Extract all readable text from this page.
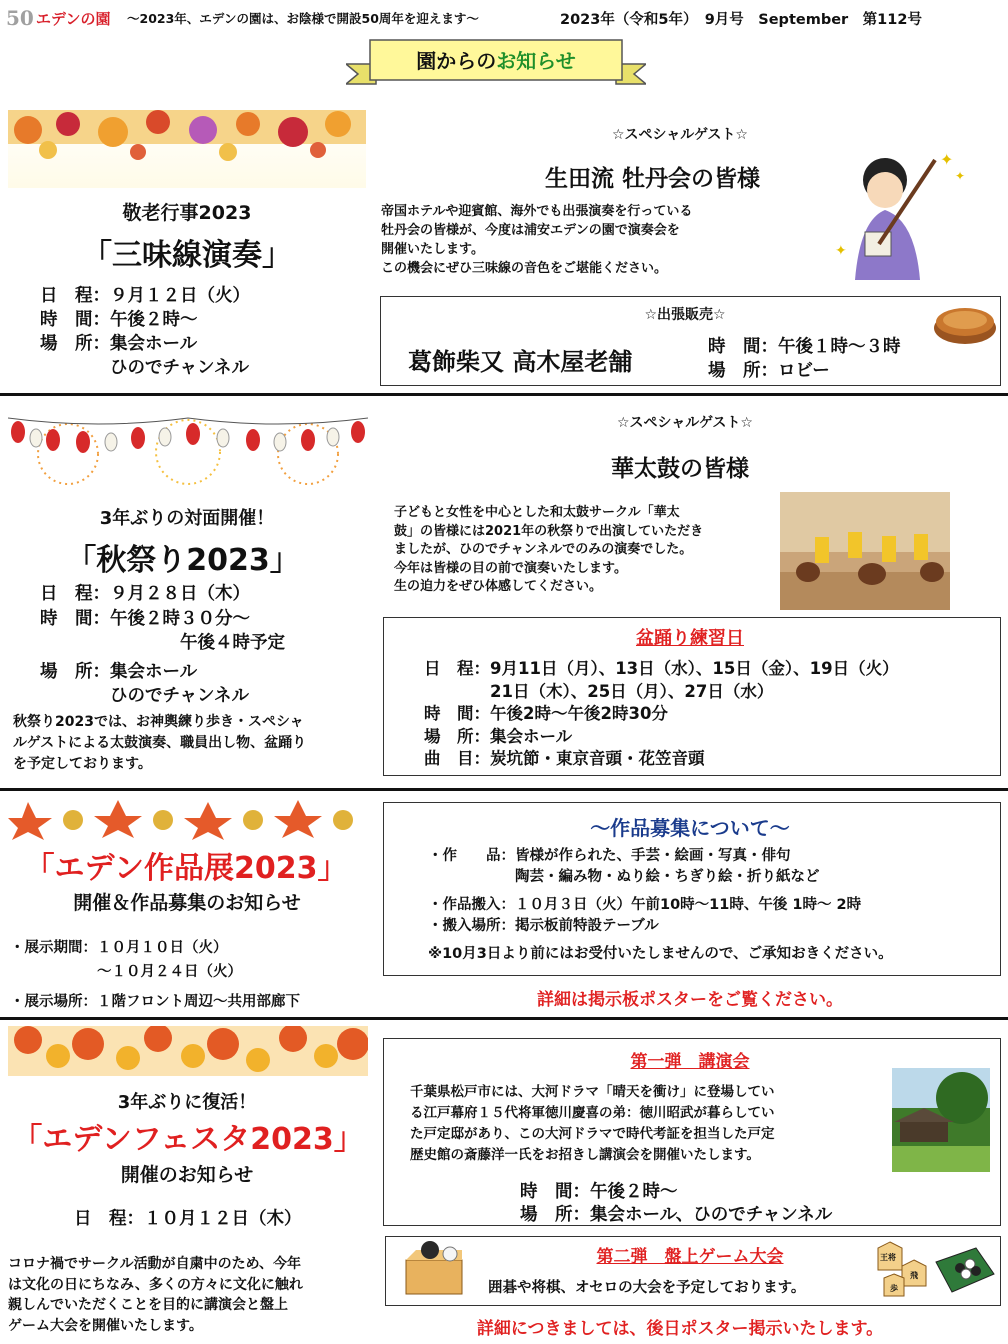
50 エデンの園 ～2023年、エデンの園は、お陰様で開設50周年を迎えます～	2023年（令和5年）　9月号　September　第112号
園からのお知らせ
敬老行事2023
「三味線演奏」
日　程：９月１２日（火）
時　間：午後２時～
場　所：集会ホール
　　　　ひのでチャンネル
☆スペシャルゲスト☆
生田流 牡丹会の皆様
帝国ホテルや迎賓館、海外でも出張演奏を行っている
牡丹会の皆様が、今度は浦安エデンの園で演奏会を
開催いたします。
この機会にぜひ三味線の音色をご堪能ください。
✦
✦
✦
☆出張販売☆
葛飾柴又 高木屋老舗
時　間：午後１時～３時
場　所：ロビー
3年ぶりの対面開催！
「秋祭り2023」
日　程：９月２８日（木）
時　間：午後２時３０分～
　　　　　　　　午後４時予定
場　所：集会ホール
　　　　ひのでチャンネル
秋祭り2023では、お神輿練り歩き・スペシャ
ルゲストによる太鼓演奏、職員出し物、盆踊り
を予定しております。
☆スペシャルゲスト☆
華太鼓の皆様
子どもと女性を中心とした和太鼓サークル「華太
鼓」の皆様には2021年の秋祭りで出演していただき
ましたが、ひのでチャンネルでのみの演奏でした。
今年は皆様の目の前で演奏いたします。
生の迫力をぜひ体感してください。
盆踊り練習日
日　程：9月11日（月）、13日（水）、15日（金）、19日（火）
　　　　21日（木）、25日（月）、27日（水）
時　間：午後2時～午後2時30分
場　所：集会ホール
曲　目：炭坑節・東京音頭・花笠音頭
「エデン作品展2023」
開催＆作品募集のお知らせ
・展示期間：１０月１０日（火）
　　　　　　～１０月２４日（火）
・展示場所：１階フロント周辺～共用部廊下
～作品募集について～
・作　　品：皆様が作られた、手芸・絵画・写真・俳句
　　　　　　陶芸・編み物・ぬり絵・ちぎり絵・折り紙など
・作品搬入：１０月３日（火）午前10時～11時、午後 1時～ 2時
・搬入場所：掲示板前特設テーブル
※10月3日より前にはお受付いたしませんので、ご承知おきください。
詳細は掲示板ポスターをご覧ください。
3年ぶりに復活！
「エデンフェスタ2023」
開催のお知らせ
日　程：１０月１２日（木）
コロナ禍でサークル活動が自粛中のため、今年
は文化の日にちなみ、多くの方々に文化に触れ
親しんでいただくことを目的に講演会と盤上
ゲーム大会を開催いたします。
第一弾　講演会
千葉県松戸市には、大河ドラマ「晴天を衝け」に登場してい
る江戸幕府１５代将軍徳川慶喜の弟：徳川昭武が暮らしてい
た戸定邸があり、この大河ドラマで時代考証を担当した戸定
歴史館の斎藤洋一氏をお招きし講演会を開催いたします。
時　間：午後２時～
場　所：集会ホール、ひのでチャンネル
第二弾　盤上ゲーム大会
囲碁や将棋、オセロの大会を予定しております。
王将
飛
歩
詳細につきましては、後日ポスター掲示いたします。
